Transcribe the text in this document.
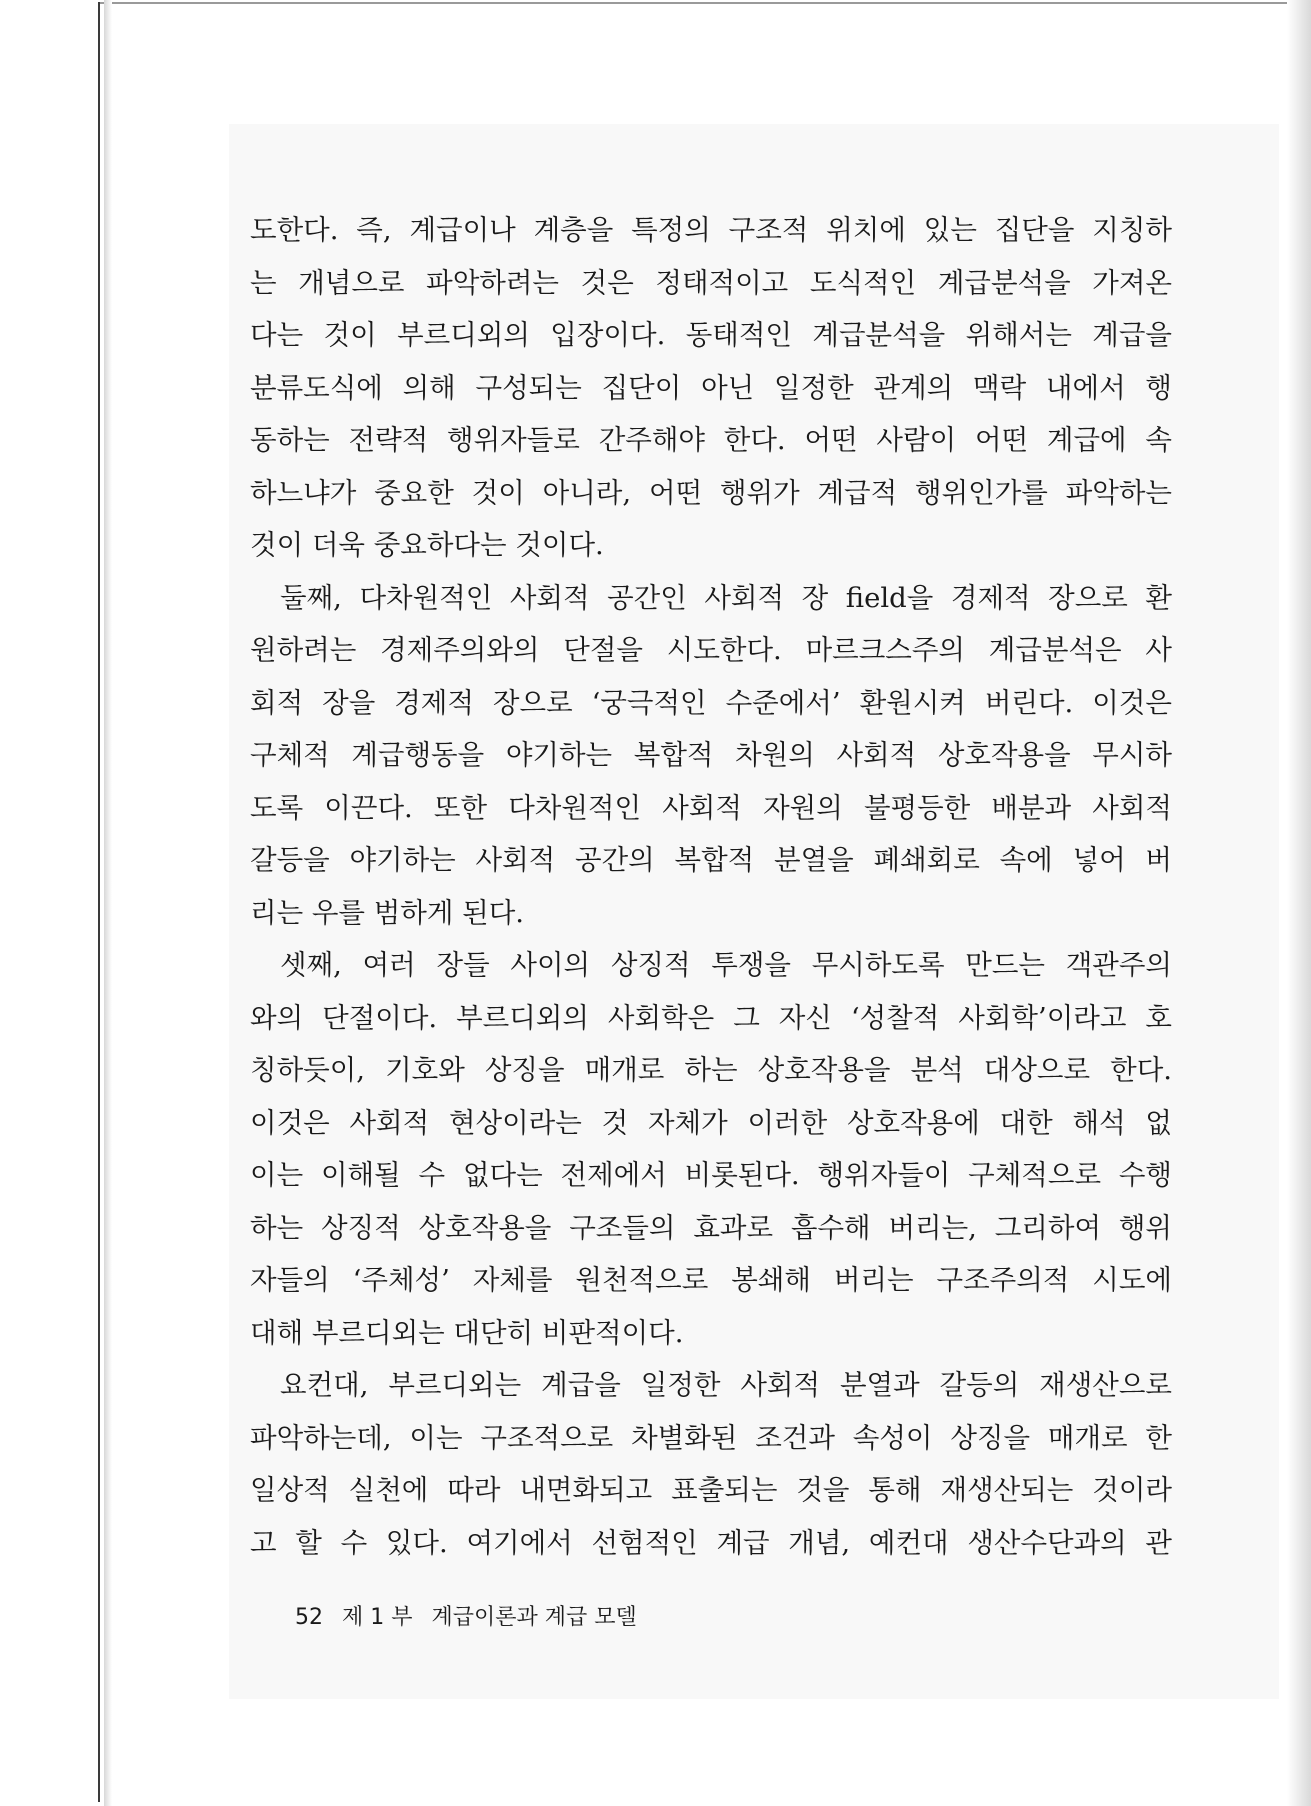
도한다. 즉, 계급이나 계층을 특정의 구조적 위치에 있는 집단을 지칭하
는 개념으로 파악하려는 것은 정태적이고 도식적인 계급분석을 가져온
다는 것이 부르디외의 입장이다. 동태적인 계급분석을 위해서는 계급을
분류도식에 의해 구성되는 집단이 아닌 일정한 관계의 맥락 내에서 행
동하는 전략적 행위자들로 간주해야 한다. 어떤 사람이 어떤 계급에 속
하느냐가 중요한 것이 아니라, 어떤 행위가 계급적 행위인가를 파악하는
것이 더욱 중요하다는 것이다.

둘째, 다차원적인 사회적 공간인 사회적 장 field을 경제적 장으로 환
원하려는 경제주의와의 단절을 시도한다. 마르크스주의 계급분석은 사
회적 장을 경제적 장으로 ‘궁극적인 수준에서’ 환원시켜 버린다. 이것은
구체적 계급행동을 야기하는 복합적 차원의 사회적 상호작용을 무시하
도록 이끈다. 또한 다차원적인 사회적 자원의 불평등한 배분과 사회적
갈등을 야기하는 사회적 공간의 복합적 분열을 폐쇄회로 속에 넣어 버
리는 우를 범하게 된다.

셋째, 여러 장들 사이의 상징적 투쟁을 무시하도록 만드는 객관주의
와의 단절이다. 부르디외의 사회학은 그 자신 ‘성찰적 사회학’이라고 호
칭하듯이, 기호와 상징을 매개로 하는 상호작용을 분석 대상으로 한다.
이것은 사회적 현상이라는 것 자체가 이러한 상호작용에 대한 해석 없
이는 이해될 수 없다는 전제에서 비롯된다. 행위자들이 구체적으로 수행
하는 상징적 상호작용을 구조들의 효과로 흡수해 버리는, 그리하여 행위
자들의 ‘주체성’ 자체를 원천적으로 봉쇄해 버리는 구조주의적 시도에
대해 부르디외는 대단히 비판적이다.

요컨대, 부르디외는 계급을 일정한 사회적 분열과 갈등의 재생산으로
파악하는데, 이는 구조적으로 차별화된 조건과 속성이 상징을 매개로 한
일상적 실천에 따라 내면화되고 표출되는 것을 통해 재생산되는 것이라
고 할 수 있다. 여기에서 선험적인 계급 개념, 예컨대 생산수단과의 관

52 제 1 부 계급이론과 계급 모델
